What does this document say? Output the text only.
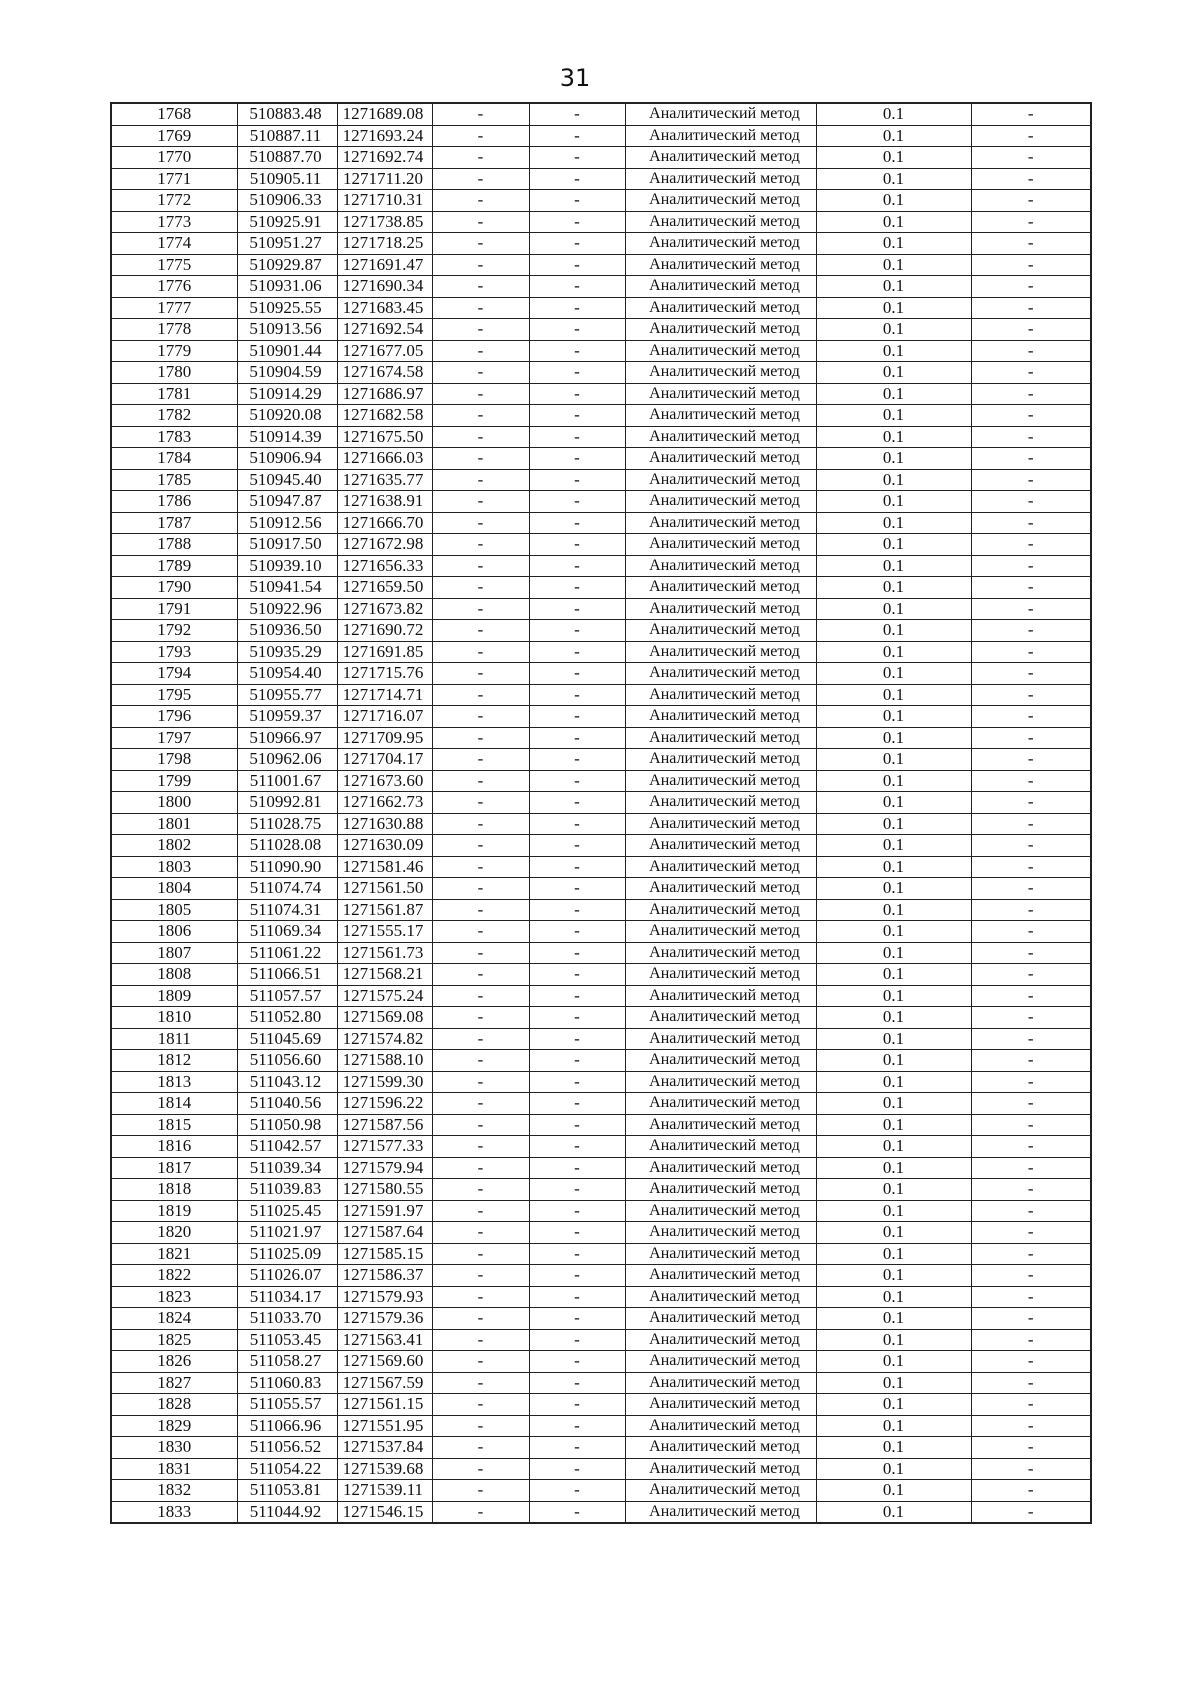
31
1768	510883.48	1271689.08	-	-	Аналитический метод	0.1	-
1769	510887.11	1271693.24	-	-	Аналитический метод	0.1	-
1770	510887.70	1271692.74	-	-	Аналитический метод	0.1	-
1771	510905.11	1271711.20	-	-	Аналитический метод	0.1	-
1772	510906.33	1271710.31	-	-	Аналитический метод	0.1	-
1773	510925.91	1271738.85	-	-	Аналитический метод	0.1	-
1774	510951.27	1271718.25	-	-	Аналитический метод	0.1	-
1775	510929.87	1271691.47	-	-	Аналитический метод	0.1	-
1776	510931.06	1271690.34	-	-	Аналитический метод	0.1	-
1777	510925.55	1271683.45	-	-	Аналитический метод	0.1	-
1778	510913.56	1271692.54	-	-	Аналитический метод	0.1	-
1779	510901.44	1271677.05	-	-	Аналитический метод	0.1	-
1780	510904.59	1271674.58	-	-	Аналитический метод	0.1	-
1781	510914.29	1271686.97	-	-	Аналитический метод	0.1	-
1782	510920.08	1271682.58	-	-	Аналитический метод	0.1	-
1783	510914.39	1271675.50	-	-	Аналитический метод	0.1	-
1784	510906.94	1271666.03	-	-	Аналитический метод	0.1	-
1785	510945.40	1271635.77	-	-	Аналитический метод	0.1	-
1786	510947.87	1271638.91	-	-	Аналитический метод	0.1	-
1787	510912.56	1271666.70	-	-	Аналитический метод	0.1	-
1788	510917.50	1271672.98	-	-	Аналитический метод	0.1	-
1789	510939.10	1271656.33	-	-	Аналитический метод	0.1	-
1790	510941.54	1271659.50	-	-	Аналитический метод	0.1	-
1791	510922.96	1271673.82	-	-	Аналитический метод	0.1	-
1792	510936.50	1271690.72	-	-	Аналитический метод	0.1	-
1793	510935.29	1271691.85	-	-	Аналитический метод	0.1	-
1794	510954.40	1271715.76	-	-	Аналитический метод	0.1	-
1795	510955.77	1271714.71	-	-	Аналитический метод	0.1	-
1796	510959.37	1271716.07	-	-	Аналитический метод	0.1	-
1797	510966.97	1271709.95	-	-	Аналитический метод	0.1	-
1798	510962.06	1271704.17	-	-	Аналитический метод	0.1	-
1799	511001.67	1271673.60	-	-	Аналитический метод	0.1	-
1800	510992.81	1271662.73	-	-	Аналитический метод	0.1	-
1801	511028.75	1271630.88	-	-	Аналитический метод	0.1	-
1802	511028.08	1271630.09	-	-	Аналитический метод	0.1	-
1803	511090.90	1271581.46	-	-	Аналитический метод	0.1	-
1804	511074.74	1271561.50	-	-	Аналитический метод	0.1	-
1805	511074.31	1271561.87	-	-	Аналитический метод	0.1	-
1806	511069.34	1271555.17	-	-	Аналитический метод	0.1	-
1807	511061.22	1271561.73	-	-	Аналитический метод	0.1	-
1808	511066.51	1271568.21	-	-	Аналитический метод	0.1	-
1809	511057.57	1271575.24	-	-	Аналитический метод	0.1	-
1810	511052.80	1271569.08	-	-	Аналитический метод	0.1	-
1811	511045.69	1271574.82	-	-	Аналитический метод	0.1	-
1812	511056.60	1271588.10	-	-	Аналитический метод	0.1	-
1813	511043.12	1271599.30	-	-	Аналитический метод	0.1	-
1814	511040.56	1271596.22	-	-	Аналитический метод	0.1	-
1815	511050.98	1271587.56	-	-	Аналитический метод	0.1	-
1816	511042.57	1271577.33	-	-	Аналитический метод	0.1	-
1817	511039.34	1271579.94	-	-	Аналитический метод	0.1	-
1818	511039.83	1271580.55	-	-	Аналитический метод	0.1	-
1819	511025.45	1271591.97	-	-	Аналитический метод	0.1	-
1820	511021.97	1271587.64	-	-	Аналитический метод	0.1	-
1821	511025.09	1271585.15	-	-	Аналитический метод	0.1	-
1822	511026.07	1271586.37	-	-	Аналитический метод	0.1	-
1823	511034.17	1271579.93	-	-	Аналитический метод	0.1	-
1824	511033.70	1271579.36	-	-	Аналитический метод	0.1	-
1825	511053.45	1271563.41	-	-	Аналитический метод	0.1	-
1826	511058.27	1271569.60	-	-	Аналитический метод	0.1	-
1827	511060.83	1271567.59	-	-	Аналитический метод	0.1	-
1828	511055.57	1271561.15	-	-	Аналитический метод	0.1	-
1829	511066.96	1271551.95	-	-	Аналитический метод	0.1	-
1830	511056.52	1271537.84	-	-	Аналитический метод	0.1	-
1831	511054.22	1271539.68	-	-	Аналитический метод	0.1	-
1832	511053.81	1271539.11	-	-	Аналитический метод	0.1	-
1833	511044.92	1271546.15	-	-	Аналитический метод	0.1	-
